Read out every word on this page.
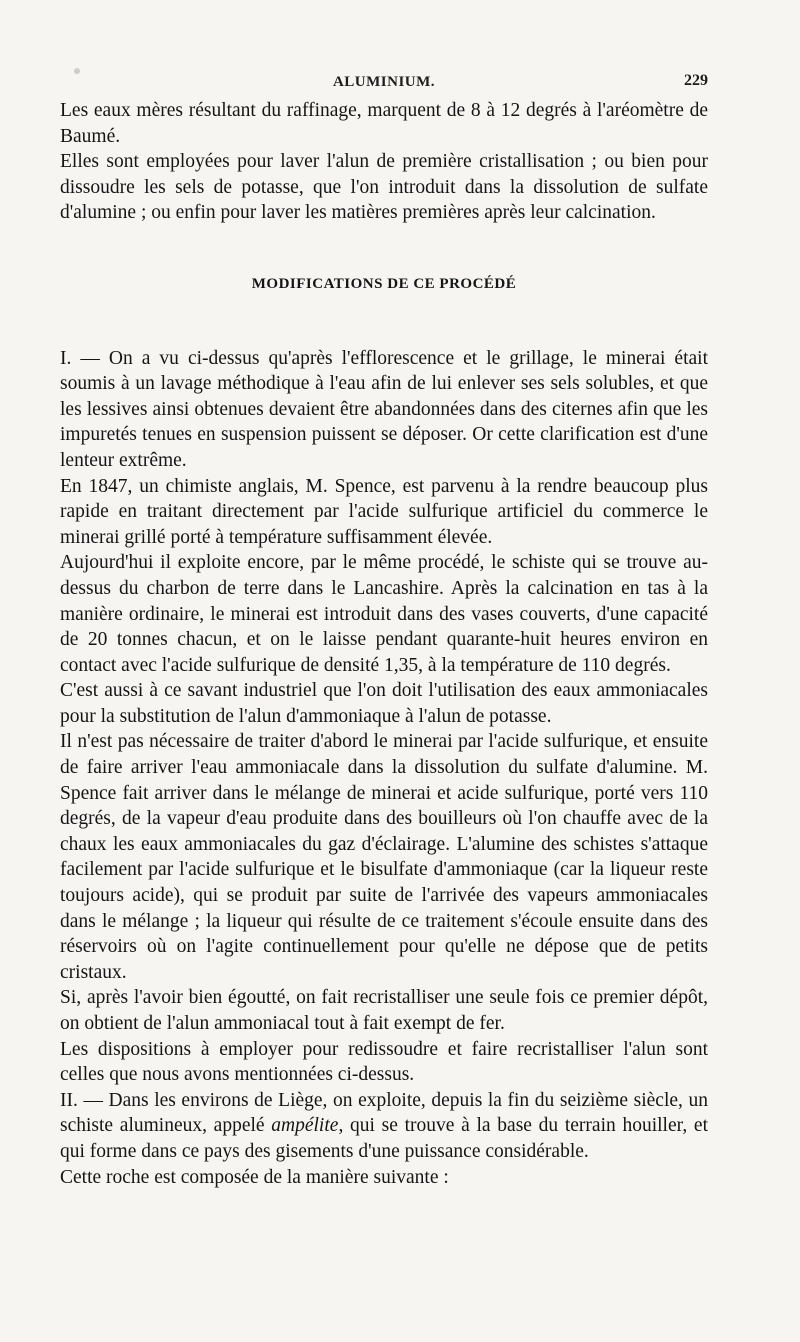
ALUMINIUM.	229

Les eaux mères résultant du raffinage, marquent de 8 à 12 degrés à l'aréomètre de Baumé.

Elles sont employées pour laver l'alun de première cristallisation ; ou bien pour dissoudre les sels de potasse, que l'on introduit dans la dissolution de sulfate d'alumine ; ou enfin pour laver les matières premières après leur calcination.

MODIFICATIONS DE CE PROCÉDÉ

I. — On a vu ci-dessus qu'après l'efflorescence et le grillage, le minerai était soumis à un lavage méthodique à l'eau afin de lui enlever ses sels solubles, et que les lessives ainsi obtenues devaient être abandonnées dans des citernes afin que les impuretés tenues en suspension puissent se déposer. Or cette clarification est d'une lenteur extrême.

En 1847, un chimiste anglais, M. Spence, est parvenu à la rendre beaucoup plus rapide en traitant directement par l'acide sulfurique artificiel du commerce le minerai grillé porté à température suffisamment élevée.

Aujourd'hui il exploite encore, par le même procédé, le schiste qui se trouve au-dessus du charbon de terre dans le Lancashire. Après la calcination en tas à la manière ordinaire, le minerai est introduit dans des vases couverts, d'une capacité de 20 tonnes chacun, et on le laisse pendant quarante-huit heures environ en contact avec l'acide sulfurique de densité 1,35, à la température de 110 degrés.

C'est aussi à ce savant industriel que l'on doit l'utilisation des eaux ammoniacales pour la substitution de l'alun d'ammoniaque à l'alun de potasse.

Il n'est pas nécessaire de traiter d'abord le minerai par l'acide sulfurique, et ensuite de faire arriver l'eau ammoniacale dans la dissolution du sulfate d'alumine. M. Spence fait arriver dans le mélange de minerai et acide sulfurique, porté vers 110 degrés, de la vapeur d'eau produite dans des bouilleurs où l'on chauffe avec de la chaux les eaux ammoniacales du gaz d'éclairage. L'alumine des schistes s'attaque facilement par l'acide sulfurique et le bisulfate d'ammoniaque (car la liqueur reste toujours acide), qui se produit par suite de l'arrivée des vapeurs ammoniacales dans le mélange ; la liqueur qui résulte de ce traitement s'écoule ensuite dans des réservoirs où on l'agite continuellement pour qu'elle ne dépose que de petits cristaux.

Si, après l'avoir bien égoutté, on fait recristalliser une seule fois ce premier dépôt, on obtient de l'alun ammoniacal tout à fait exempt de fer.

Les dispositions à employer pour redissoudre et faire recristalliser l'alun sont celles que nous avons mentionnées ci-dessus.

II. — Dans les environs de Liège, on exploite, depuis la fin du seizième siècle, un schiste alumineux, appelé ampélite, qui se trouve à la base du terrain houiller, et qui forme dans ce pays des gisements d'une puissance considérable.

Cette roche est composée de la manière suivante :
